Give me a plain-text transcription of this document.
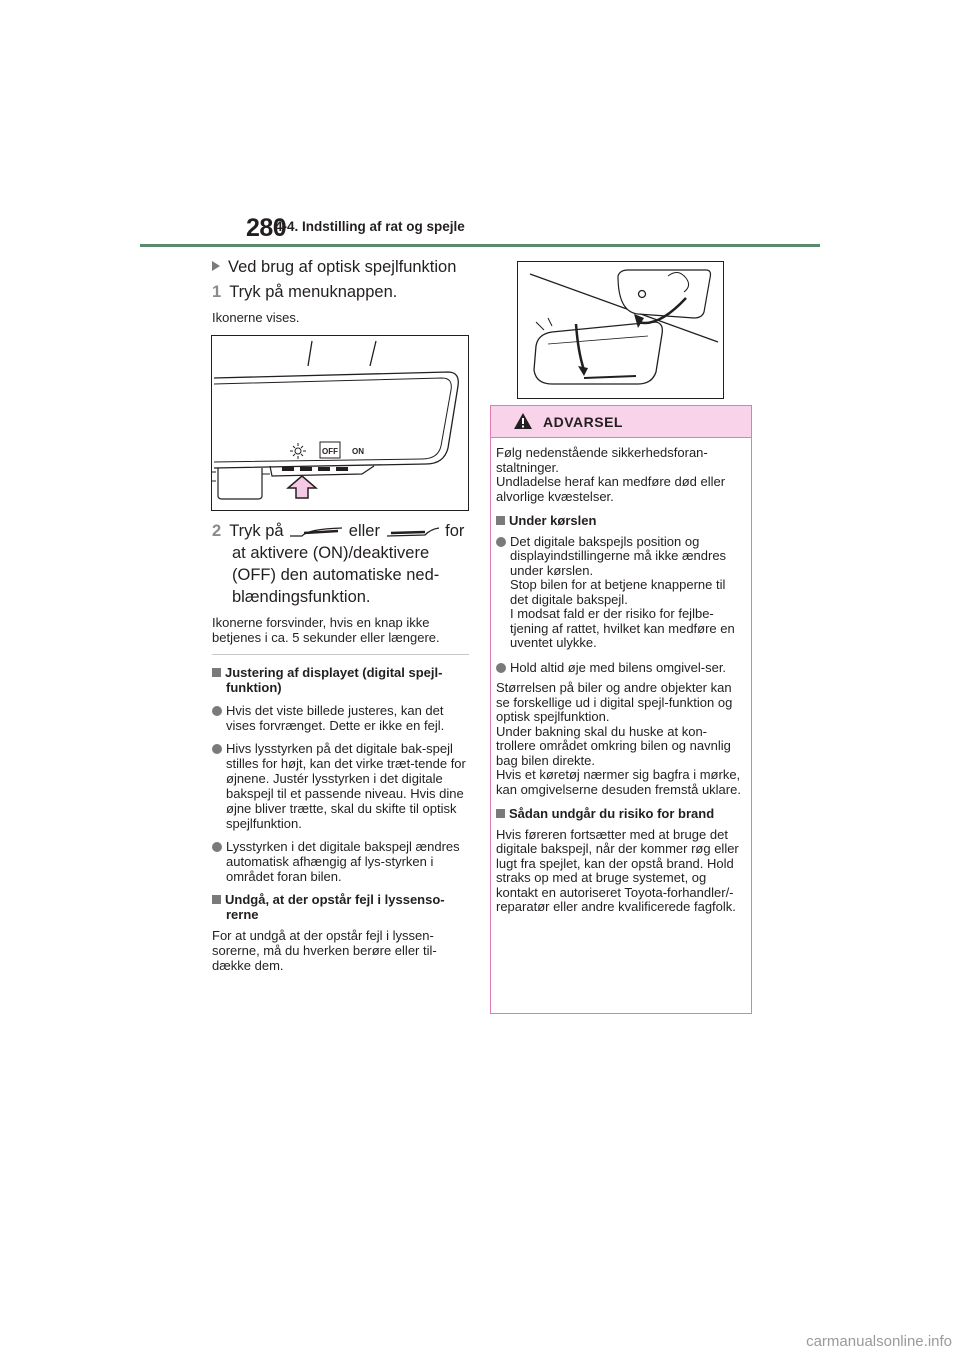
280
4-4. Indstilling af rat og spejle
Ved brug af optisk spejlfunktion
1 Tryk på menuknappen.
Ikonerne vises.
OFF ON
2 Tryk på	eller	for
at aktivere (ON)/deaktivere (OFF) den automatiske ned-blændingsfunktion.
Ikonerne forsvinder, hvis en knap ikke betjenes i ca. 5 sekunder eller længere.
Justering af displayet (digital spejl-funktion)
Hvis det viste billede justeres, kan det vises forvrænget. Dette er ikke en fejl.
Hivs lysstyrken på det digitale bak-spejl stilles for højt, kan det virke træt-tende for øjnene. Justér lysstyrken i det digitale bakspejl til et passende niveau. Hvis dine øjne bliver trætte, skal du skifte til optisk spejlfunktion.
Lysstyrken i det digitale bakspejl ændres automatisk afhængig af lys-styrken i området foran bilen.
Undgå, at der opstår fejl i lyssenso-rerne
For at undgå at der opstår fejl i lyssen-sorerne, må du hverken berøre eller til-dække dem.
ADVARSEL
Følg nedenstående sikkerhedsforan-staltninger.
Undladelse heraf kan medføre død eller alvorlige kvæstelser.
Under kørslen
Det digitale bakspejls position og displayindstillingerne må ikke ændres under kørslen.
Stop bilen for at betjene knapperne til det digitale bakspejl.
I modsat fald er der risiko for fejlbe-tjening af rattet, hvilket kan medføre en uventet ulykke.
Hold altid øje med bilens omgivel-ser.
Størrelsen på biler og andre objekter kan se forskellige ud i digital spejl-funktion og optisk spejlfunktion.
Under bakning skal du huske at kon-trollere området omkring bilen og navnlig bag bilen direkte.
Hvis et køretøj nærmer sig bagfra i mørke, kan omgivelserne desuden fremstå uklare.
Sådan undgår du risiko for brand
Hvis føreren fortsætter med at bruge det digitale bakspejl, når der kommer røg eller lugt fra spejlet, kan der opstå brand. Hold straks op med at bruge systemet, og kontakt en autoriseret Toyota-forhandler/-reparatør eller andre kvalificerede fagfolk.
carmanualsonline.info
